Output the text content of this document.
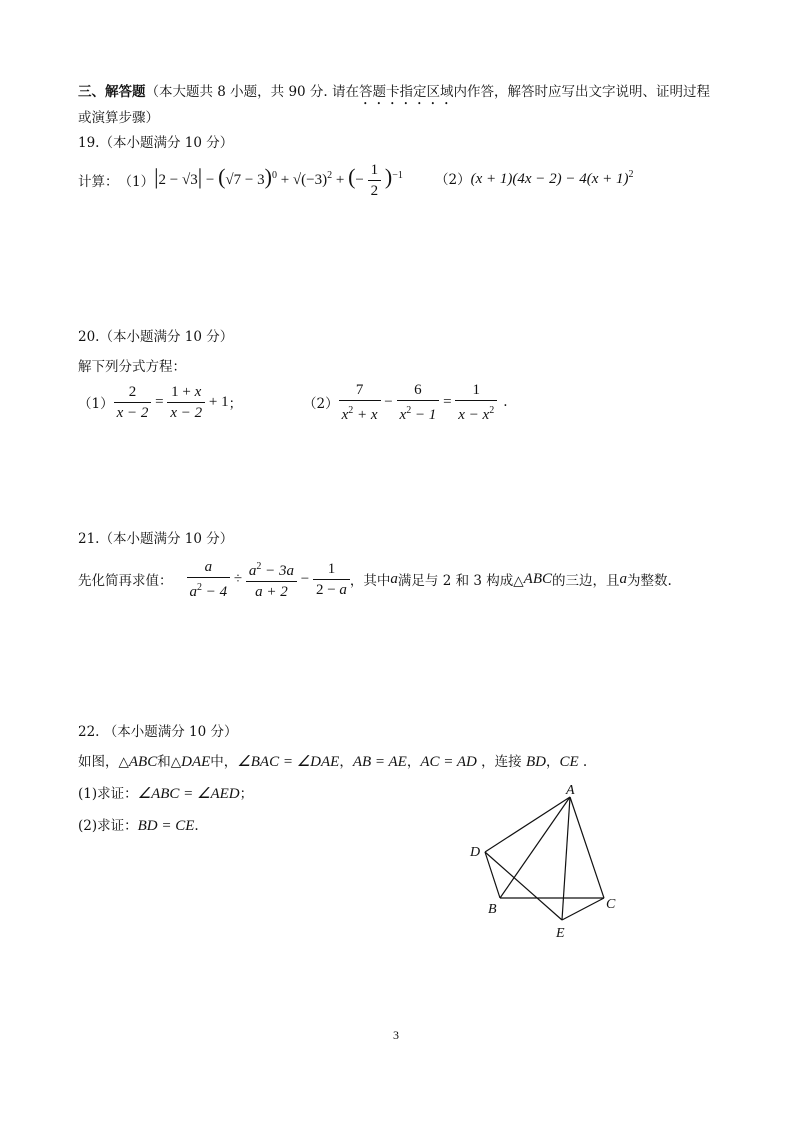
三、解答题（本大题共 8 小题，共 90 分. 请在答题卡指定区域内作答，解答时应写出文字说明、证明过程
或演算步骤）
19.（本小题满分 10 分）
计算： （1） $|2 - √3| - (√7 - 3)^0 + √(-3)^2$ + (− $\frac{1}{2} )^{-1}$ （2） $(x + 1)(4x - 2) - 4(x + 1)^2$
20.（本小题满分 10 分）
解下列分式方程：
$(1) \frac{2}{x - 2} = \frac{1 + x}{x - 2} + 1$ ；	$(2) \frac{7}{x^2 + x} - \frac{6}{x^2 - 1} = \frac{1}{x - x^2}$ .
21.（本小题满分 10 分）
先化简再求值： $\frac{a}{a^2 - 4} \div \frac{a^2 - 3a}{a + 2} - \frac{1}{2 - a}$ ，其中 a 满足与 2 和 3 构成△ ABC 的三边，且 a 为整数.
22. （本小题满分 10 分）
如图，△ABC和△DAE中，∠BAC = ∠DAE，AB = AE，AC = AD ，连接 BD，CE .
(1)求证：∠ABC = ∠AED；
(2)求证：BD = CE.
A
D
B	C
E
3
